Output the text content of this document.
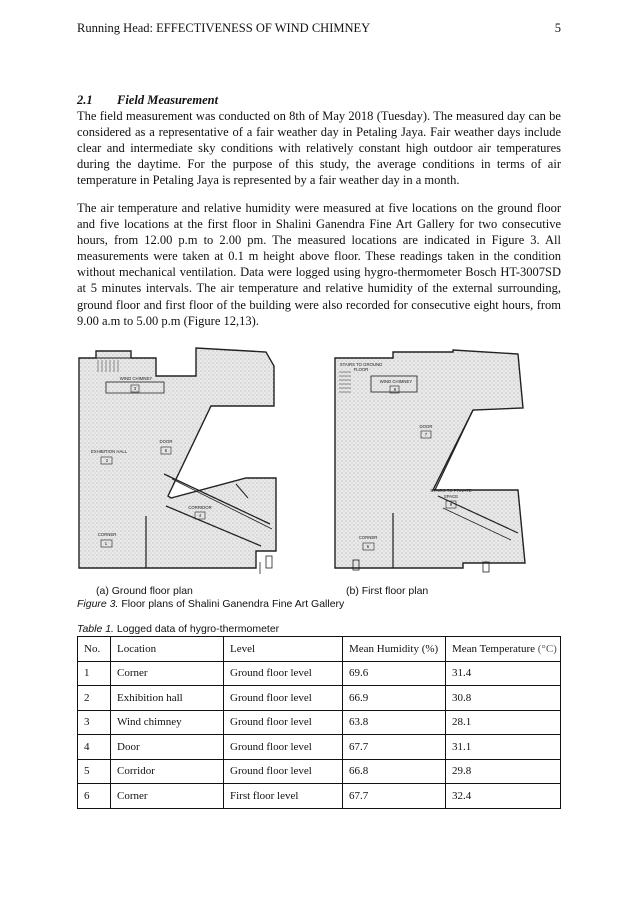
Running Head: EFFECTIVENESS OF WIND CHIMNEY	5
2.1 Field Measurement

The field measurement was conducted on 8th of May 2018 (Tuesday). The measured day can be considered as a representative of a fair weather day in Petaling Jaya. Fair weather days include clear and intermediate sky conditions with relatively constant high outdoor air temperatures during the daytime. For the purpose of this study, the average conditions in terms of air temperature in Petaling Jaya is represented by a fair weather day in a month.

The air temperature and relative humidity were measured at five locations on the ground floor and five locations at the first floor in Shalini Ganendra Fine Art Gallery for two consecutive hours, from 12.00 p.m to 2.00 pm. The measured locations are indicated in Figure 3. All measurements were taken at 0.1 m height above floor. These readings taken in the condition without mechanical ventilation. Data were logged using hygro-thermometer Bosch HT-3007SD at 5 minutes intervals. The air temperature and relative humidity of the external surrounding, ground floor and first floor of the building were also recorded for consecutive eight hours, from 9.00 a.m to 5.00 p.m (Figure 12,13).

WIND CHIMNEY
3
DOOR
5
EXHIBITION HALL
2
CORRIDOR
4
CORNER
1
STAIRS TO GROUND
FLOOR
WIND CHIMNEY
8
DOOR
7
STAIRS TO PRIVATE
SPACE
9
CORNER
6
(a) Ground floor plan	(b) First floor plan
Figure 3. Floor plans of Shalini Ganendra Fine Art Gallery
Table 1. Logged data of hygro-thermometer
No.	Location	Level	Mean Humidity (%)	Mean Temperature (°C)
1	Corner	Ground floor level	69.6	31.4
2	Exhibition hall	Ground floor level	66.9	30.8
3	Wind chimney	Ground floor level	63.8	28.1
4	Door	Ground floor level	67.7	31.1
5	Corridor	Ground floor level	66.8	29.8
6	Corner	First floor level	67.7	32.4
